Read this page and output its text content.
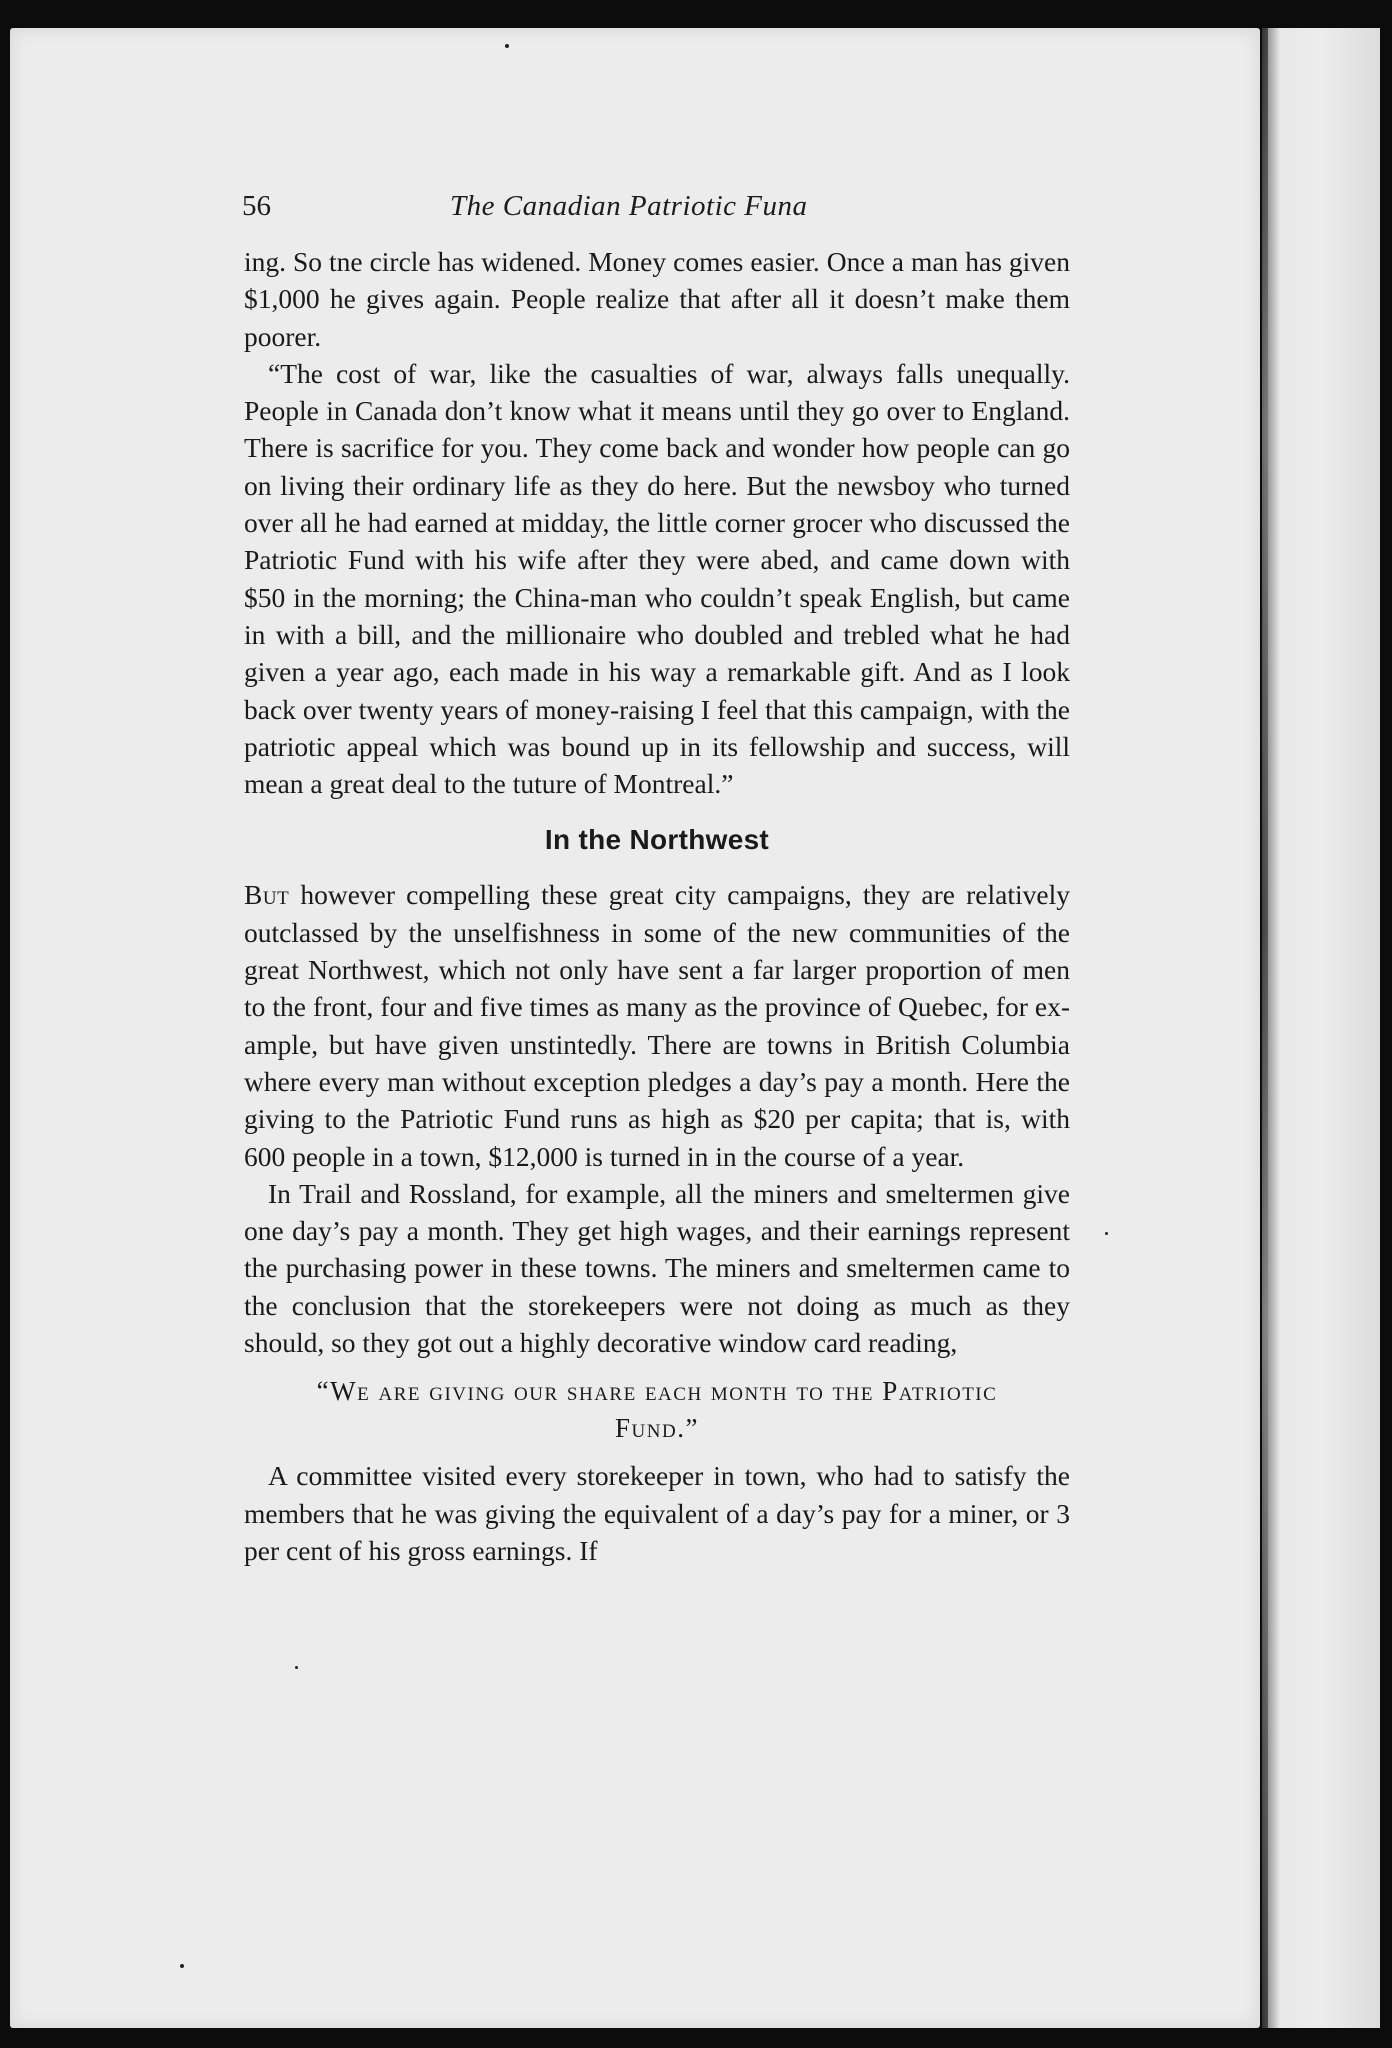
56	The Canadian Patriotic Funa

ing. So tne circle has widened. Money comes easier. Once a man has given $1,000 he gives again. People realize that after all it doesn’t make them poorer.

“The cost of war, like the casualties of war, always falls unequally. People in Canada don’t know what it means until they go over to England. There is sacrifice for you. They come back and wonder how people can go on living their ordinary life as they do here. But the newsboy who turned over all he had earned at midday, the little corner grocer who discussed the Patriotic Fund with his wife after they were abed, and came down with $50 in the morning; the China-man who couldn’t speak English, but came in with a bill, and the millionaire who doubled and trebled what he had given a year ago, each made in his way a remarkable gift. And as I look back over twenty years of money-raising I feel that this campaign, with the patriotic appeal which was bound up in its fellowship and success, will mean a great deal to the tuture of Montreal.”

In the Northwest

But however compelling these great city campaigns, they are relatively outclassed by the unselfishness in some of the new communities of the great Northwest, which not only have sent a far larger proportion of men to the front, four and five times as many as the province of Quebec, for ex-ample, but have given unstintedly. There are towns in British Columbia where every man without exception pledges a day’s pay a month. Here the giving to the Patriotic Fund runs as high as $20 per capita; that is, with 600 people in a town, $12,000 is turned in in the course of a year.

In Trail and Rossland, for example, all the miners and smeltermen give one day’s pay a month. They get high wages, and their earnings represent the purchasing power in these towns. The miners and smeltermen came to the conclusion that the storekeepers were not doing as much as they should, so they got out a highly decorative window card reading,

“We are giving our share each month to the Patriotic Fund.”

A committee visited every storekeeper in town, who had to satisfy the members that he was giving the equivalent of a day’s pay for a miner, or 3 per cent of his gross earnings. If
